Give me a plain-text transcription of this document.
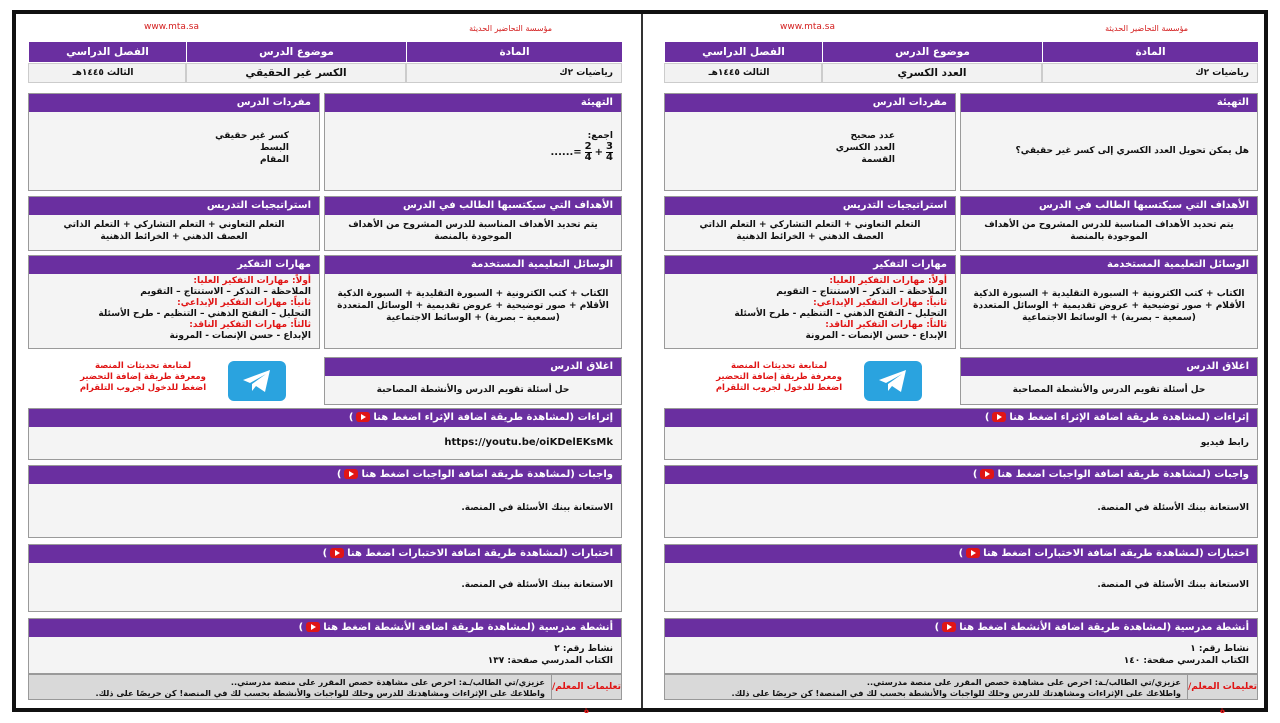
مؤسسة التحاضير الحديثة
www.mta.sa
المادة
موضوع الدرس
الفصل الدراسي
رياضيات ٢ك
العدد الكسري
الثالث ١٤٤٥هـ
التهيئة
هل يمكن تحويل العدد الكسري إلى كسر غير حقيقي؟
مفردات الدرس
عدد صحيح
العدد الكسري
القسمة
الأهداف التي سيكتسبها الطالب في الدرس
يتم تحديد الأهداف المناسبة للدرس المشروح من الأهداف الموجودة بالمنصة
استراتيجيات التدريس
التعلم التعاوني + التعلم التشاركي + التعلم الذاتي
العصف الذهني + الخرائط الذهنية
الوسائل التعليمية المستخدمة
الكتاب + كتب الكترونية + السبورة التقليدية + السبورة الذكية
الأقلام + صور توضيحية + عروض تقديمية + الوسائل المتعددة
(سمعية – بصرية) + الوسائط الاجتماعية
مهارات التفكير
أولاً: مهارات التفكير العليا:
الملاحظة – التذكر – الاستنتاج – التقويم
ثانياً: مهارات التفكير الإبداعي:
التحليل – التفتح الذهني – التنظيم - طرح الأسئلة
ثالثاً: مهارات التفكير الناقد:
الإبداع - حسن الإنصات - المرونة
اغلاق الدرس
حل أسئلة تقويم الدرس والأنشطة المصاحبة
لمتابعة تحديثات المنصة
ومعرفة طريقة إضافة التحضير
اضغط للدخول لجروب التلقرام
إثراءات (لمشاهدة طريقة اضافة الإثراء اضغط هنا)
رابط فيديو
واجبات (لمشاهدة طريقة اضافة الواجبات اضغط هنا)
الاستعانة ببنك الأسئلة في المنصة.
اختبارات (لمشاهدة طريقة اضافة الاختبارات اضغط هنا)
الاستعانة ببنك الأسئلة في المنصة.
أنشطة مدرسية (لمشاهدة طريقة اضافة الأنشطة اضغط هنا)
نشاط رقم: ١
الكتاب المدرسي صفحة: ١٤٠
تعليمات المعلم/ة
عزيزي/تي الطالب/ـة: احرص على مشاهدة حصص المقرر على منصة مدرستي..
واطلاعك على الإثراءات ومشاهدتك للدرس وحلك للواجبات والأنشطة بحسب لك في المنصة! كن حريصًا على ذلك.
مؤسسة التحاضير الحديثة
www.mta.sa
المادة
موضوع الدرس
الفصل الدراسي
رياضيات ٢ك
الكسر غير الحقيقي
الثالث ١٤٤٥هـ
التهيئة
اجمع:
......= $\frac{2}{4} + \frac{3}{4}$
مفردات الدرس
كسر غير حقيقي
البسط
المقام
الأهداف التي سيكتسبها الطالب في الدرس
يتم تحديد الأهداف المناسبة للدرس المشروح من الأهداف الموجودة بالمنصة
استراتيجيات التدريس
التعلم التعاوني + التعلم التشاركي + التعلم الذاتي
العصف الذهني + الخرائط الذهنية
الوسائل التعليمية المستخدمة
الكتاب + كتب الكترونية + السبورة التقليدية + السبورة الذكية
الأقلام + صور توضيحية + عروض تقديمية + الوسائل المتعددة
(سمعية – بصرية) + الوسائط الاجتماعية
مهارات التفكير
أولاً: مهارات التفكير العليا:
الملاحظة – التذكر – الاستنتاج – التقويم
ثانياً: مهارات التفكير الإبداعي:
التحليل – التفتح الذهني – التنظيم - طرح الأسئلة
ثالثاً: مهارات التفكير الناقد:
الإبداع - حسن الإنصات - المرونة
اغلاق الدرس
حل أسئلة تقويم الدرس والأنشطة المصاحبة
لمتابعة تحديثات المنصة
ومعرفة طريقة إضافة التحضير
اضغط للدخول لجروب التلقرام
إثراءات (لمشاهدة طريقة اضافة الإثراء اضغط هنا)
https://youtu.be/oiKDelEKsMk
واجبات (لمشاهدة طريقة اضافة الواجبات اضغط هنا)
الاستعانة ببنك الأسئلة في المنصة.
اختبارات (لمشاهدة طريقة اضافة الاختبارات اضغط هنا)
الاستعانة ببنك الأسئلة في المنصة.
أنشطة مدرسية (لمشاهدة طريقة اضافة الأنشطة اضغط هنا)
نشاط رقم: ٢
الكتاب المدرسي صفحة: ١٣٧
تعليمات المعلم/ة
عزيزي/تي الطالب/ـة: احرص على مشاهدة حصص المقرر على منصة مدرستي..
واطلاعك على الإثراءات ومشاهدتك للدرس وحلك للواجبات والأنشطة بحسب لك في المنصة! كن حريصًا على ذلك.
